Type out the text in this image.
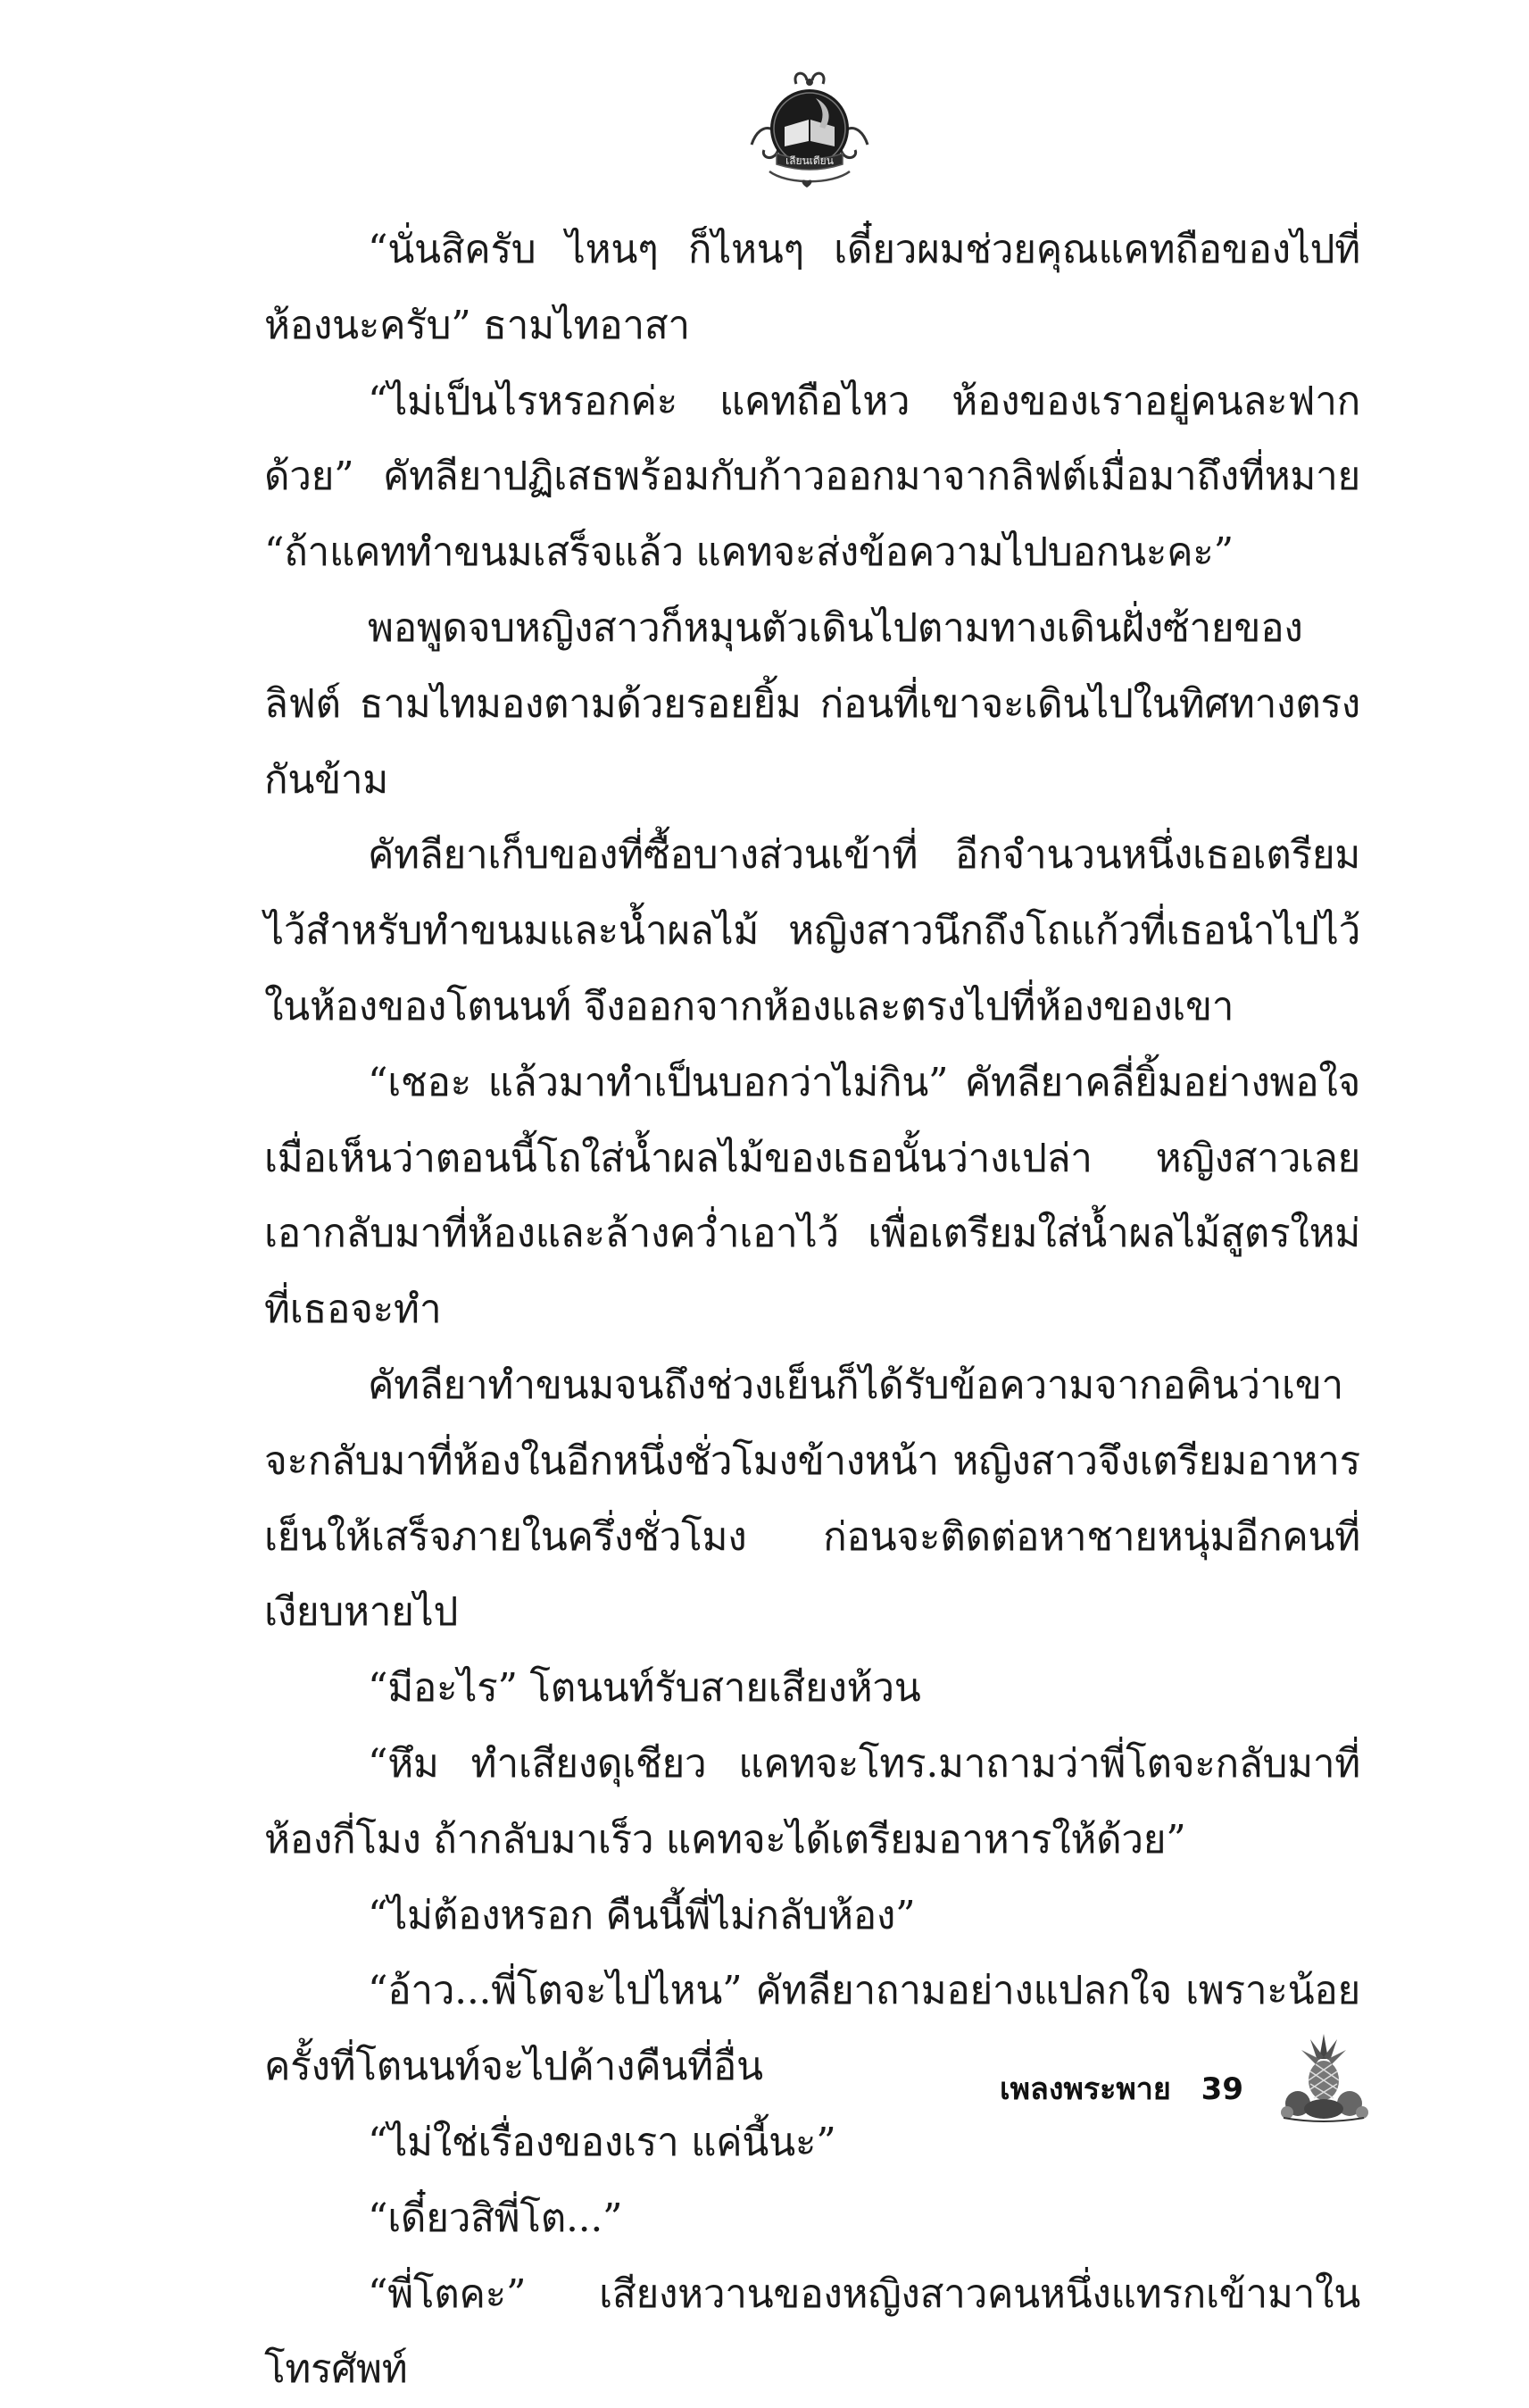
เลียนเดียน

“นั่นสิครับ ไหนๆ ก็ไหนๆ เดี๋ยวผมช่วยคุณแคทถือของไปที่ห้องนะครับ” ธามไทอาสา

“ไม่เป็นไรหรอกค่ะ แคทถือไหว ห้องของเราอยู่คนละฟากด้วย” คัทลียาปฏิเสธพร้อมกับก้าวออกมาจากลิฟต์เมื่อมาถึงที่หมาย “ถ้าแคททำขนมเสร็จแล้ว แคทจะส่งข้อความไปบอกนะคะ”

พอพูดจบหญิงสาวก็หมุนตัวเดินไปตามทางเดินฝั่งซ้ายของลิฟต์ ธามไทมองตามด้วยรอยยิ้ม ก่อนที่เขาจะเดินไปในทิศทางตรงกันข้าม

คัทลียาเก็บของที่ซื้อบางส่วนเข้าที่ อีกจำนวนหนึ่งเธอเตรียมไว้สำหรับทำขนมและน้ำผลไม้ หญิงสาวนึกถึงโถแก้วที่เธอนำไปไว้ในห้องของโตนนท์ จึงออกจากห้องและตรงไปที่ห้องของเขา

“เชอะ แล้วมาทำเป็นบอกว่าไม่กิน” คัทลียาคลี่ยิ้มอย่างพอใจเมื่อเห็นว่าตอนนี้โถใส่น้ำผลไม้ของเธอนั้นว่างเปล่า หญิงสาวเลยเอากลับมาที่ห้องและล้างคว่ำเอาไว้ เพื่อเตรียมใส่น้ำผลไม้สูตรใหม่ที่เธอจะทำ

คัทลียาทำขนมจนถึงช่วงเย็นก็ได้รับข้อความจากอคินว่าเขาจะกลับมาที่ห้องในอีกหนึ่งชั่วโมงข้างหน้า หญิงสาวจึงเตรียมอาหารเย็นให้เสร็จภายในครึ่งชั่วโมง ก่อนจะติดต่อหาชายหนุ่มอีกคนที่เงียบหายไป

“มีอะไร” โตนนท์รับสายเสียงห้วน

“หึม ทำเสียงดุเชียว แคทจะโทร.มาถามว่าพี่โตจะกลับมาที่ห้องกี่โมง ถ้ากลับมาเร็ว แคทจะได้เตรียมอาหารให้ด้วย”

“ไม่ต้องหรอก คืนนี้พี่ไม่กลับห้อง”

“อ้าว...พี่โตจะไปไหน” คัทลียาถามอย่างแปลกใจ เพราะน้อยครั้งที่โตนนท์จะไปค้างคืนที่อื่น

“ไม่ใช่เรื่องของเรา แค่นี้นะ”

“เดี๋ยวสิพี่โต...”

“พี่โตคะ” เสียงหวานของหญิงสาวคนหนึ่งแทรกเข้ามาในโทรศัพท์

เพลงพระพาย 39
